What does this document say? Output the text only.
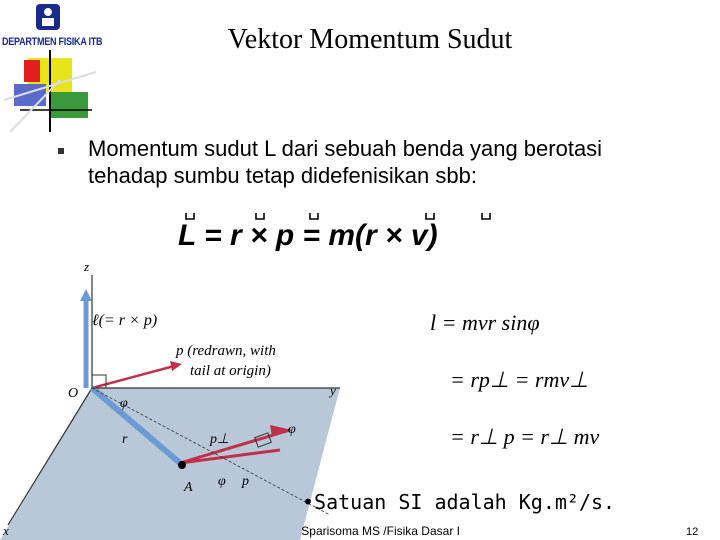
DEPARTMEN FISIKA ITB	Vektor Momentum Sudut
Momentum sudut L dari sebuah benda yang berotasi tehadap sumbu tetap didefenisikan sbb:
L = r × p = m(r × v)
z
y
x
O
ℓ(= r × p)
p (redrawn, with
tail at origin)
φ
r	p⊥
φ
A φ p
l = mvr sinφ
= rp⊥ = rmv⊥
= r⊥ p = r⊥ mv
•Satuan SI adalah Kg.m²/s.
Sparisoma MS /Fisika Dasar I	12
